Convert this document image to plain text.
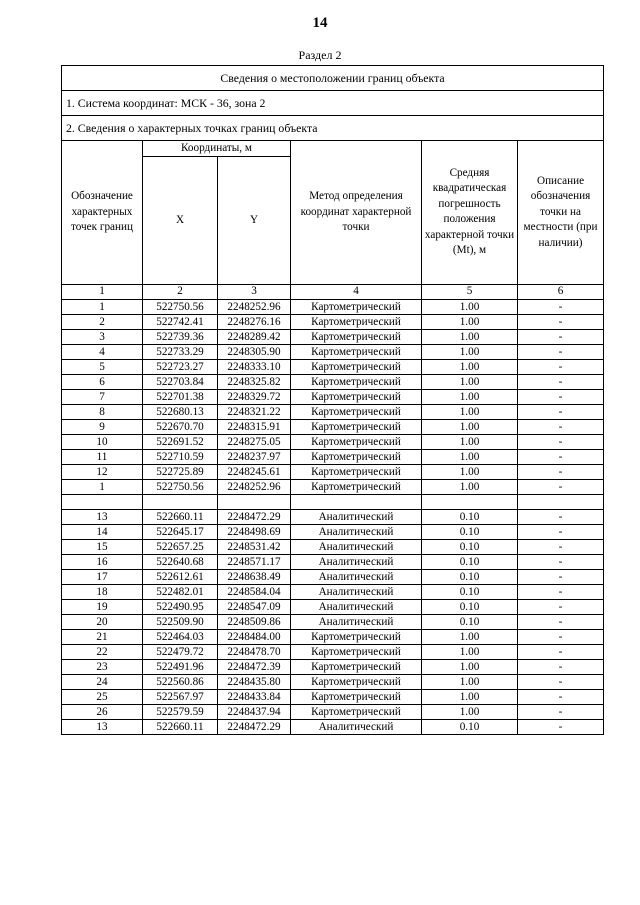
14
Раздел 2
Сведения о местоположении границ объекта					
1. Система координат: МСК - 36, зона 2					
2. Сведения о характерных точках границ объекта					
Обозначение характерных точек границ	Координаты, м		Метод определения координат характерной точки	Средняя квадратическая погрешность положения характерной точки (Mt), м	Описание обозначения точки на местности (при наличии)
	X	Y			
1	2	3	4	5	6
1	522750.56	2248252.96	Картометрический	1.00	-
2	522742.41	2248276.16	Картометрический	1.00	-
3	522739.36	2248289.42	Картометрический	1.00	-
4	522733.29	2248305.90	Картометрический	1.00	-
5	522723.27	2248333.10	Картометрический	1.00	-
6	522703.84	2248325.82	Картометрический	1.00	-
7	522701.38	2248329.72	Картометрический	1.00	-
8	522680.13	2248321.22	Картометрический	1.00	-
9	522670.70	2248315.91	Картометрический	1.00	-
10	522691.52	2248275.05	Картометрический	1.00	-
11	522710.59	2248237.97	Картометрический	1.00	-
12	522725.89	2248245.61	Картометрический	1.00	-
1	522750.56	2248252.96	Картометрический	1.00	-

13	522660.11	2248472.29	Аналитический	0.10	-
14	522645.17	2248498.69	Аналитический	0.10	-
15	522657.25	2248531.42	Аналитический	0.10	-
16	522640.68	2248571.17	Аналитический	0.10	-
17	522612.61	2248638.49	Аналитический	0.10	-
18	522482.01	2248584.04	Аналитический	0.10	-
19	522490.95	2248547.09	Аналитический	0.10	-
20	522509.90	2248509.86	Аналитический	0.10	-
21	522464.03	2248484.00	Картометрический	1.00	-
22	522479.72	2248478.70	Картометрический	1.00	-
23	522491.96	2248472.39	Картометрический	1.00	-
24	522560.86	2248435.80	Картометрический	1.00	-
25	522567.97	2248433.84	Картометрический	1.00	-
26	522579.59	2248437.94	Картометрический	1.00	-
13	522660.11	2248472.29	Аналитический	0.10	-
